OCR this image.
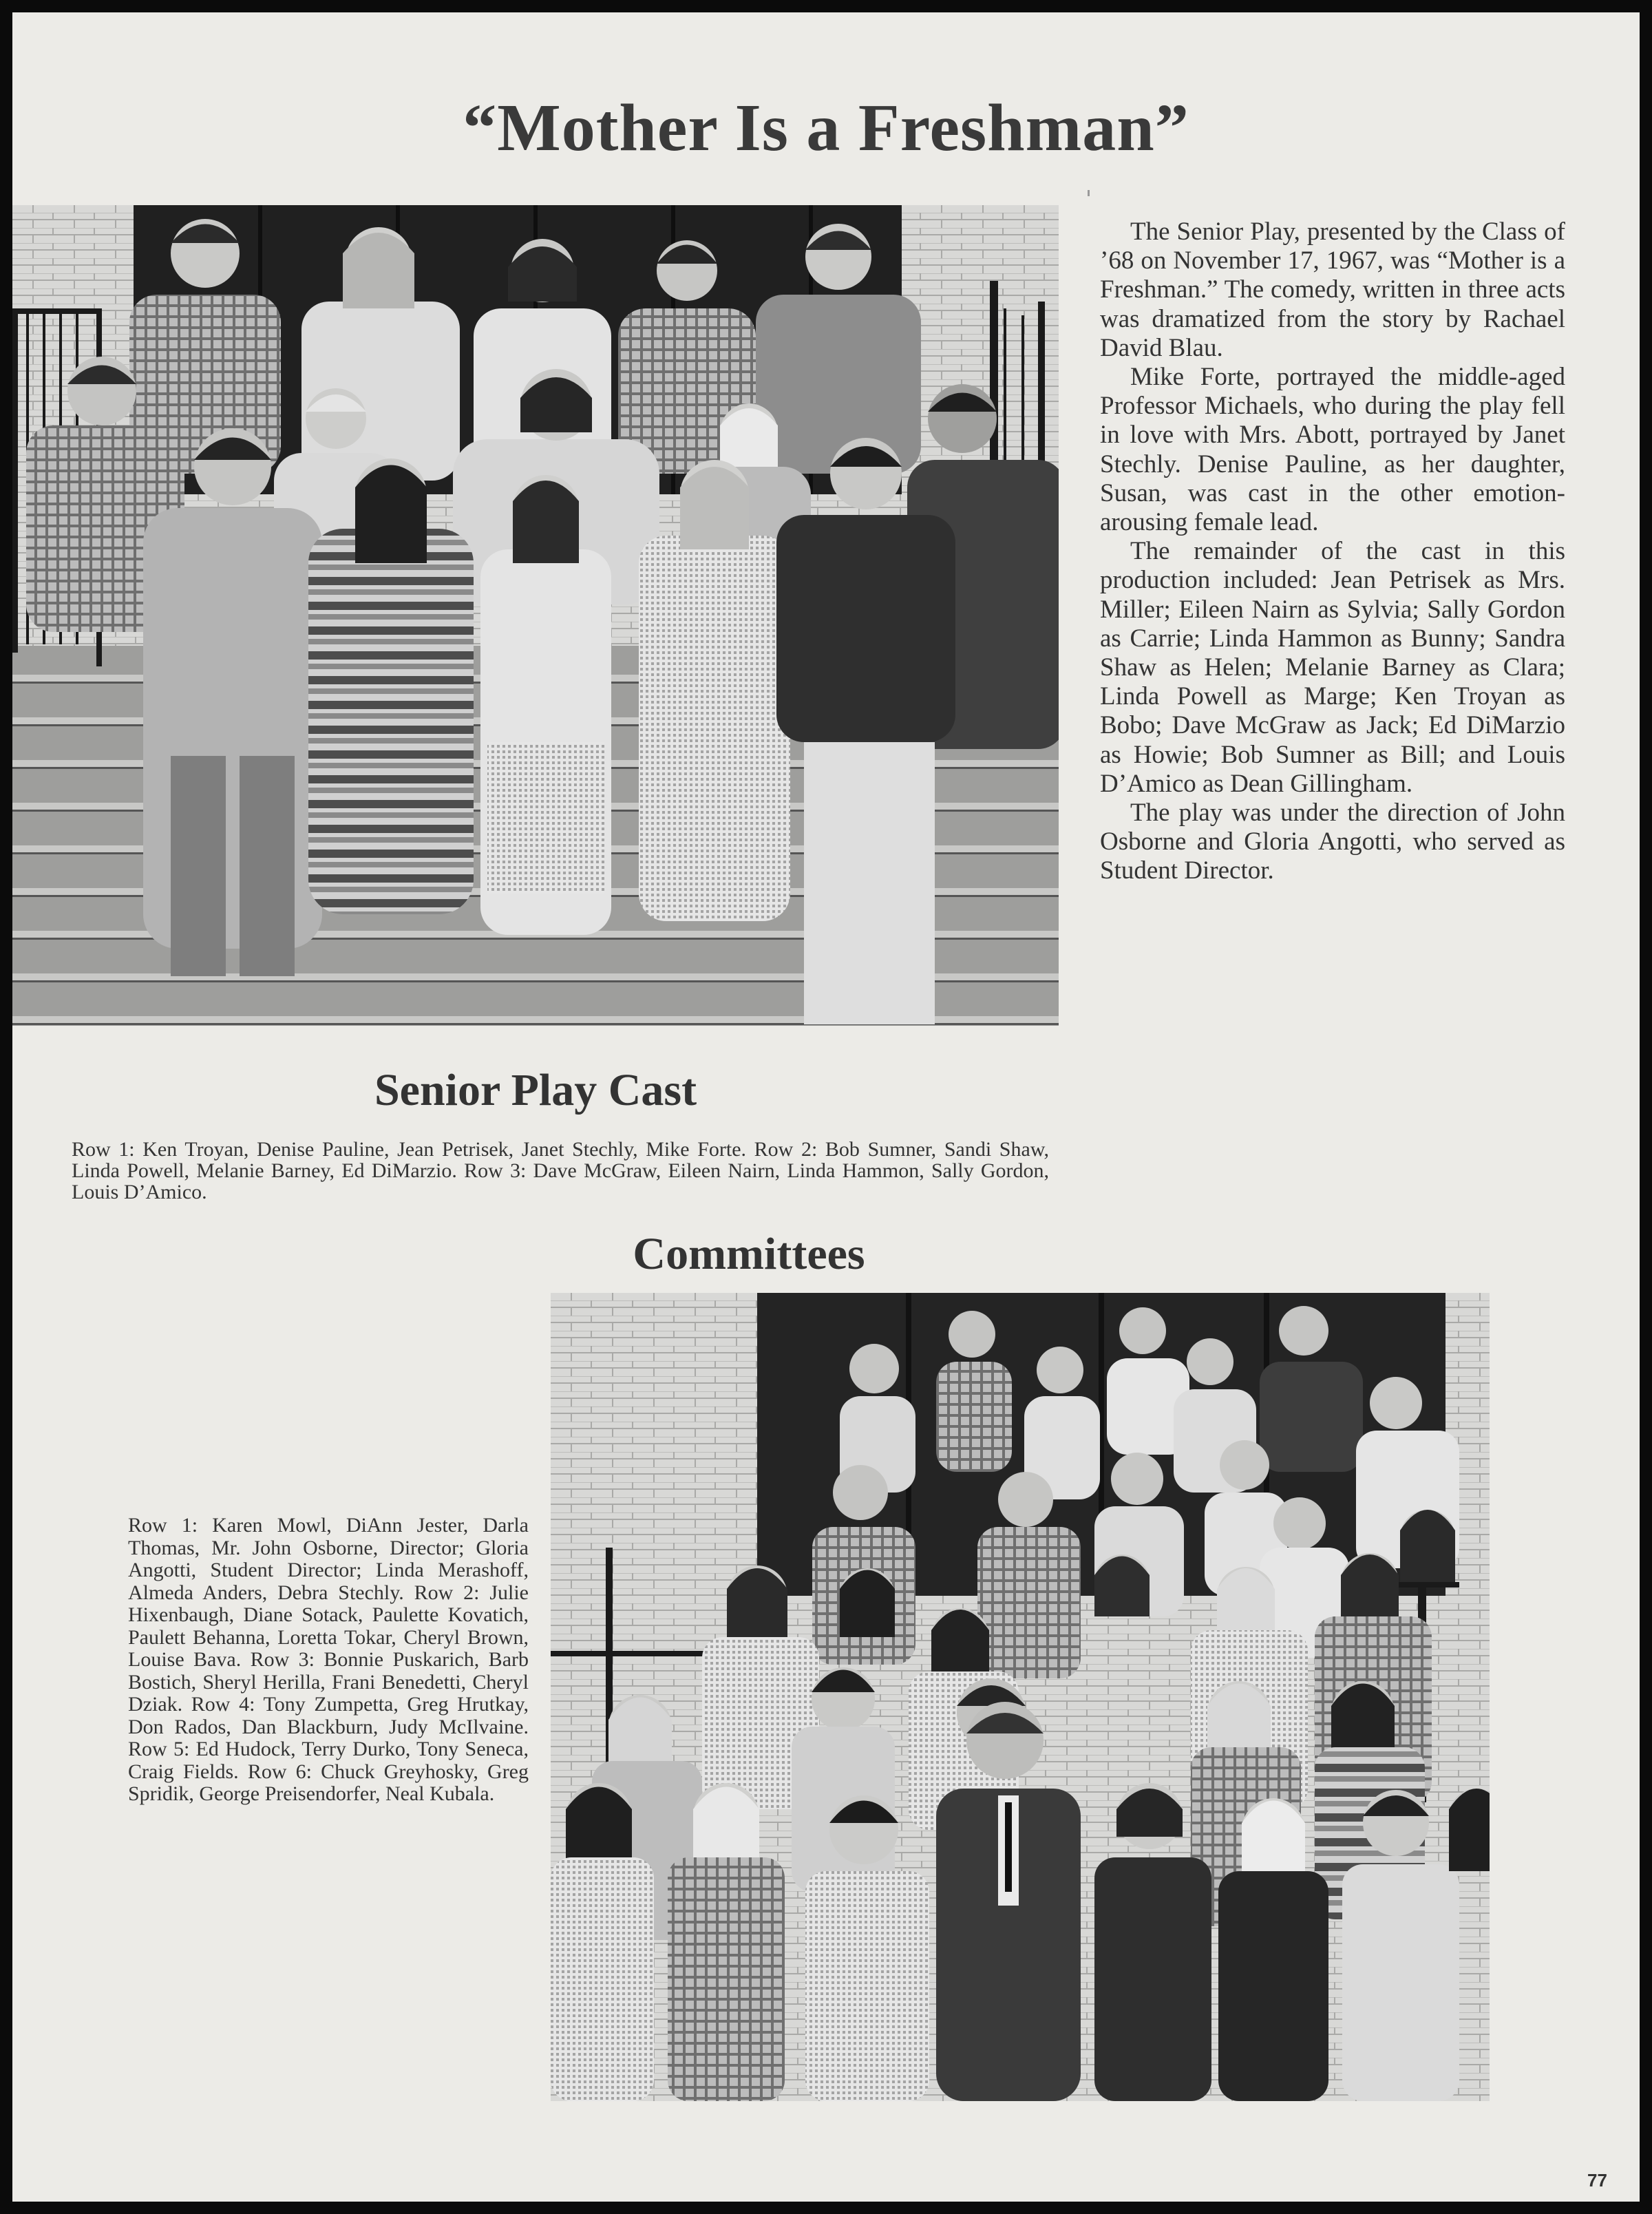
“Mother Is a Freshman”

The Senior Play, presented by the Class of ’68 on November 17, 1967, was “Mother is a Freshman.” The comedy, written in three acts was dramatized from the story by Rachael David Blau.

Mike Forte, portrayed the middle-aged Professor Michaels, who during the play fell in love with Mrs. Abott, portrayed by Janet Stechly. Denise Pauline, as her daughter, Susan, was cast in the other emotion-arousing female lead.

The remainder of the cast in this production included: Jean Petrisek as Mrs. Miller; Eileen Nairn as Sylvia; Sally Gordon as Carrie; Linda Hammon as Bunny; Sandra Shaw as Helen; Melanie Barney as Clara; Linda Powell as Marge; Ken Troyan as Bobo; Dave McGraw as Jack; Ed DiMarzio as Howie; Bob Sumner as Bill; and Louis D’Amico as Dean Gillingham.

The play was under the direction of John Osborne and Gloria Angotti, who served as Student Director.

Senior Play Cast
Row 1: Ken Troyan, Denise Pauline, Jean Petrisek, Janet Stechly, Mike Forte. Row 2: Bob Sumner, Sandi Shaw, Linda Powell, Melanie Barney, Ed DiMarzio. Row 3: Dave McGraw, Eileen Nairn, Linda Hammon, Sally Gordon, Louis D’Amico.
Committees
Row 1: Karen Mowl, DiAnn Jester, Darla Thomas, Mr. John Osborne, Director; Gloria Angotti, Student Director; Linda Merashoff, Almeda Anders, Debra Stechly. Row 2: Julie Hixenbaugh, Diane Sotack, Paulette Kovatich, Paulett Behanna, Loretta Tokar, Cheryl Brown, Louise Bava. Row 3: Bonnie Puskarich, Barb Bostich, Sheryl Herilla, Frani Benedetti, Cheryl Dziak. Row 4: Tony Zumpetta, Greg Hrutkay, Don Rados, Dan Blackburn, Judy McIlvaine. Row 5: Ed Hudock, Terry Durko, Tony Seneca, Craig Fields. Row 6: Chuck Greyhosky, Greg Spridik, George Preisendorfer, Neal Kubala.
77
